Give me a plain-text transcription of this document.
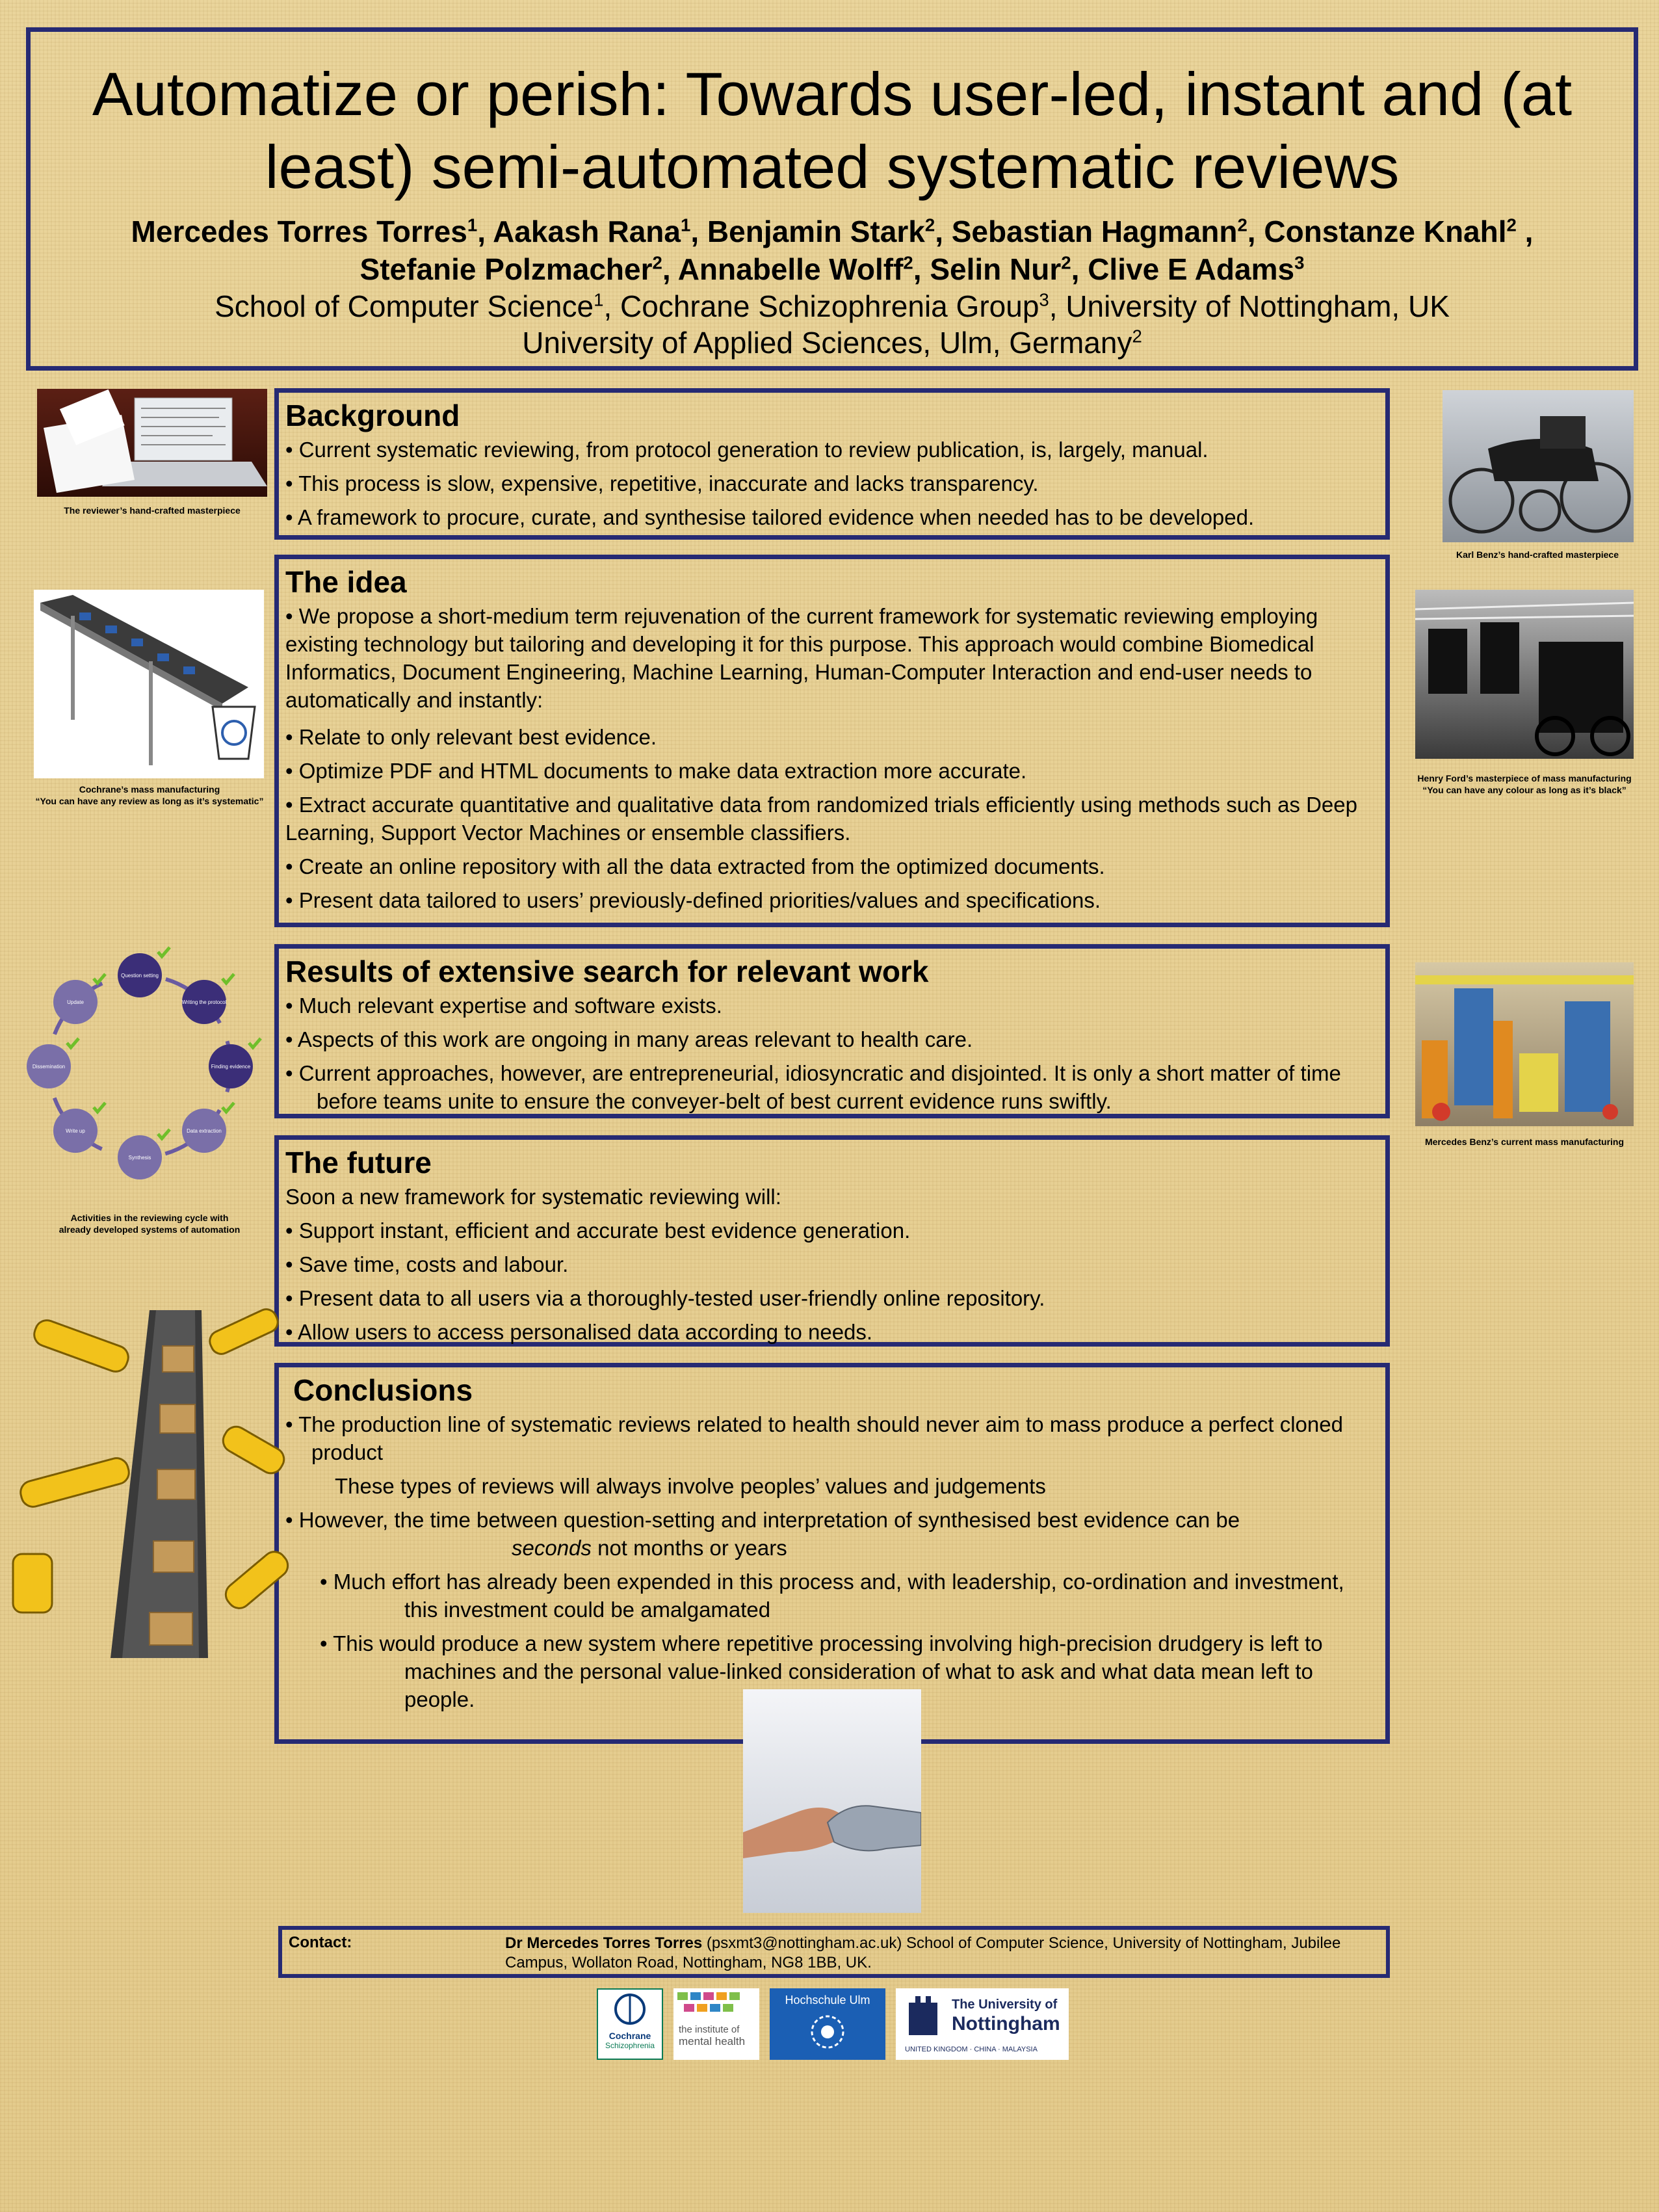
Automatize or perish: Towards user-led, instant and (at
least) semi-automated systematic reviews
Mercedes Torres Torres$^1$, Aakash Rana$^1$, Benjamin Stark$^2$, Sebastian Hagmann$^2$, Constanze Knahl$^2$ ,
Stefanie Polzmacher$^2$, Annabelle Wolff$^2$, Selin Nur$^2$, Clive E Adams$^3$
School of Computer Science$^1$, Cochrane Schizophrenia Group$^3$, University of Nottingham, UK
University of Applied Sciences, Ulm, Germany$^2$
Background
• Current systematic reviewing, from protocol generation to review publication, is, largely, manual.
• This process is slow, expensive, repetitive, inaccurate and lacks transparency.
• A framework to procure, curate, and synthesise tailored evidence when needed has to be developed.
The idea

• We propose a short-medium term rejuvenation of the current framework for systematic reviewing employing existing technology but tailoring and developing it for this purpose. This approach would combine Biomedical Informatics, Document Engineering, Machine Learning, Human-Computer Interaction and end-user needs to automatically and instantly:

• Relate to only relevant best evidence.
• Optimize PDF and HTML documents to make data extraction more accurate.
• Extract accurate quantitative and qualitative data from randomized trials efficiently using methods such as Deep Learning, Support Vector Machines or ensemble classifiers.
• Create an online repository with all the data extracted from the optimized documents.
• Present data tailored to users’ previously-defined priorities/values and specifications.
Results of extensive search for relevant work
• Much relevant expertise and software exists.
• Aspects of this work are ongoing in many areas relevant to health care.
• Current approaches, however, are entrepreneurial, idiosyncratic and disjointed. It is only a short matter of time before teams unite to ensure the conveyer-belt of best current evidence runs swiftly.
The future

Soon a new framework for systematic reviewing will:

• Support instant, efficient and accurate best evidence generation.
• Save time, costs and labour.
• Present data to all users via a thoroughly-tested user-friendly online repository.
• Allow users to access personalised data according to needs.
Conclusions
• The production line of systematic reviews related to health should never aim to mass produce a perfect cloned product
These types of reviews will always involve peoples’ values and judgements
• However, the time between question-setting and interpretation of synthesised best evidence can be
seconds not months or years
• Much effort has already been expended in this process and, with leadership, co-ordination and investment, this investment could be amalgamated
• This would produce a new system where repetitive processing involving high-precision drudgery is left to machines and the personal value-linked consideration of what to ask and what data mean left to people.
Contact:	Dr Mercedes Torres Torres (psxmt3@nottingham.ac.uk) School of Computer Science, University of Nottingham, Jubilee Campus, Wollaton Road, Nottingham, NG8 1BB, UK.
The reviewer’s hand-crafted masterpiece
Cochrane’s mass manufacturing
“You can have any review as long as it’s systematic”
Question setting
Writing the protocol
Finding evidence
Data extraction
Synthesis
Write up
Dissemination
Update
Activities in the reviewing cycle with
already developed systems of automation
Karl Benz’s hand-crafted masterpiece
Henry Ford’s masterpiece of mass manufacturing
“You can have any colour as long as it’s black”
Mercedes Benz’s current mass manufacturing
Cochrane
Schizophrenia
the institute of
mental health
Hochschule Ulm	The University of
Nottingham
UNITED KINGDOM · CHINA · MALAYSIA
